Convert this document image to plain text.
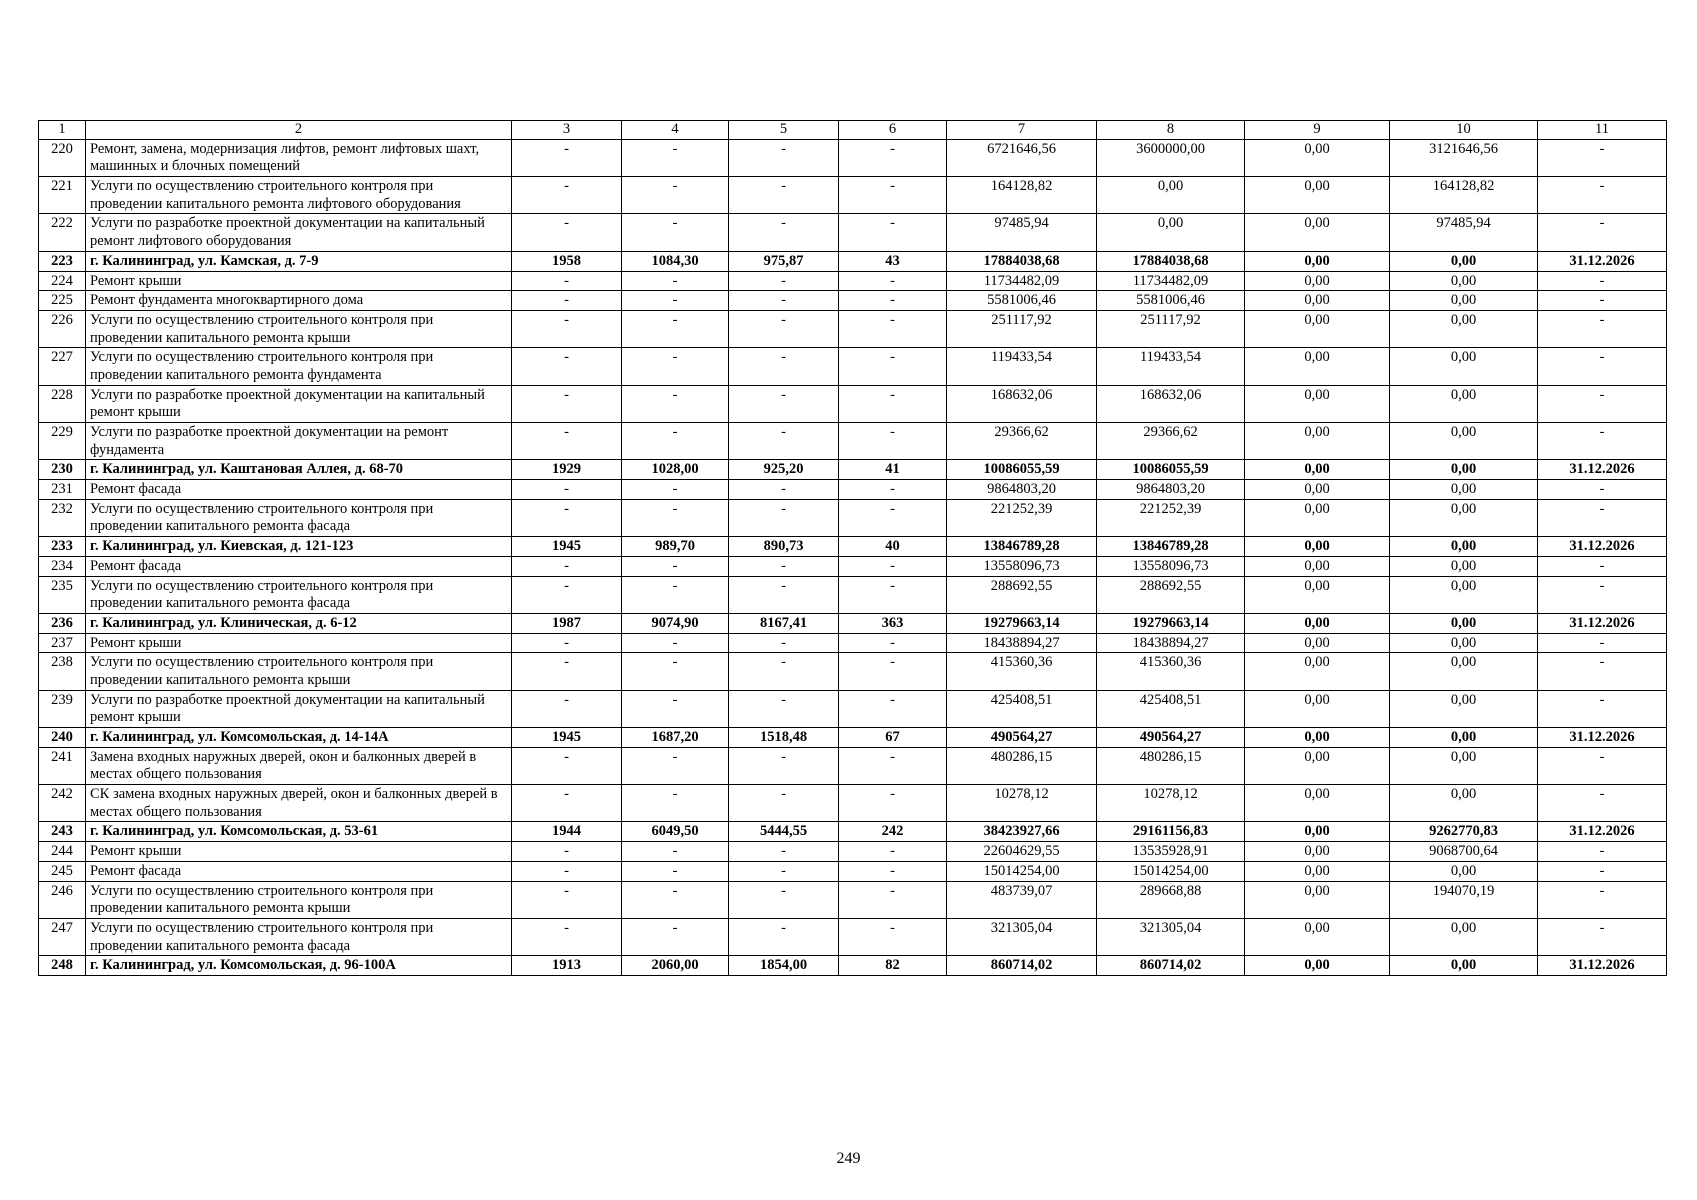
1	2	3	4	5	6	7	8	9	10	11
220	Ремонт, замена, модернизация лифтов, ремонт лифтовых шахт, машинных и блочных помещений	-	-	-	-	6721646,56	3600000,00	0,00	3121646,56	-
221	Услуги по осуществлению строительного контроля при проведении капитального ремонта лифтового оборудования	-	-	-	-	164128,82	0,00	0,00	164128,82	-
222	Услуги по разработке проектной документации на капитальный ремонт лифтового оборудования	-	-	-	-	97485,94	0,00	0,00	97485,94	-
223	г. Калининград, ул. Камская, д. 7-9	1958	1084,30	975,87	43	17884038,68	17884038,68	0,00	0,00	31.12.2026
224	Ремонт крыши	-	-	-	-	11734482,09	11734482,09	0,00	0,00	-
225	Ремонт фундамента многоквартирного дома	-	-	-	-	5581006,46	5581006,46	0,00	0,00	-
226	Услуги по осуществлению строительного контроля при проведении капитального ремонта крыши	-	-	-	-	251117,92	251117,92	0,00	0,00	-
227	Услуги по осуществлению строительного контроля при проведении капитального ремонта фундамента	-	-	-	-	119433,54	119433,54	0,00	0,00	-
228	Услуги по разработке проектной документации на капитальный ремонт крыши	-	-	-	-	168632,06	168632,06	0,00	0,00	-
229	Услуги по разработке проектной документации на ремонт фундамента	-	-	-	-	29366,62	29366,62	0,00	0,00	-
230	г. Калининград, ул. Каштановая Аллея, д. 68-70	1929	1028,00	925,20	41	10086055,59	10086055,59	0,00	0,00	31.12.2026
231	Ремонт фасада	-	-	-	-	9864803,20	9864803,20	0,00	0,00	-
232	Услуги по осуществлению строительного контроля при проведении капитального ремонта фасада	-	-	-	-	221252,39	221252,39	0,00	0,00	-
233	г. Калининград, ул. Киевская, д. 121-123	1945	989,70	890,73	40	13846789,28	13846789,28	0,00	0,00	31.12.2026
234	Ремонт фасада	-	-	-	-	13558096,73	13558096,73	0,00	0,00	-
235	Услуги по осуществлению строительного контроля при проведении капитального ремонта фасада	-	-	-	-	288692,55	288692,55	0,00	0,00	-
236	г. Калининград, ул. Клиническая, д. 6-12	1987	9074,90	8167,41	363	19279663,14	19279663,14	0,00	0,00	31.12.2026
237	Ремонт крыши	-	-	-	-	18438894,27	18438894,27	0,00	0,00	-
238	Услуги по осуществлению строительного контроля при проведении капитального ремонта крыши	-	-	-	-	415360,36	415360,36	0,00	0,00	-
239	Услуги по разработке проектной документации на капитальный ремонт крыши	-	-	-	-	425408,51	425408,51	0,00	0,00	-
240	г. Калининград, ул. Комсомольская, д. 14-14А	1945	1687,20	1518,48	67	490564,27	490564,27	0,00	0,00	31.12.2026
241	Замена входных наружных дверей, окон и балконных дверей в местах общего пользования	-	-	-	-	480286,15	480286,15	0,00	0,00	-
242	СК замена входных наружных дверей, окон и балконных дверей в местах общего пользования	-	-	-	-	10278,12	10278,12	0,00	0,00	-
243	г. Калининград, ул. Комсомольская, д. 53-61	1944	6049,50	5444,55	242	38423927,66	29161156,83	0,00	9262770,83	31.12.2026
244	Ремонт крыши	-	-	-	-	22604629,55	13535928,91	0,00	9068700,64	-
245	Ремонт фасада	-	-	-	-	15014254,00	15014254,00	0,00	0,00	-
246	Услуги по осуществлению строительного контроля при проведении капитального ремонта крыши	-	-	-	-	483739,07	289668,88	0,00	194070,19	-
247	Услуги по осуществлению строительного контроля при проведении капитального ремонта фасада	-	-	-	-	321305,04	321305,04	0,00	0,00	-
248	г. Калининград, ул. Комсомольская, д. 96-100А	1913	2060,00	1854,00	82	860714,02	860714,02	0,00	0,00	31.12.2026
249
